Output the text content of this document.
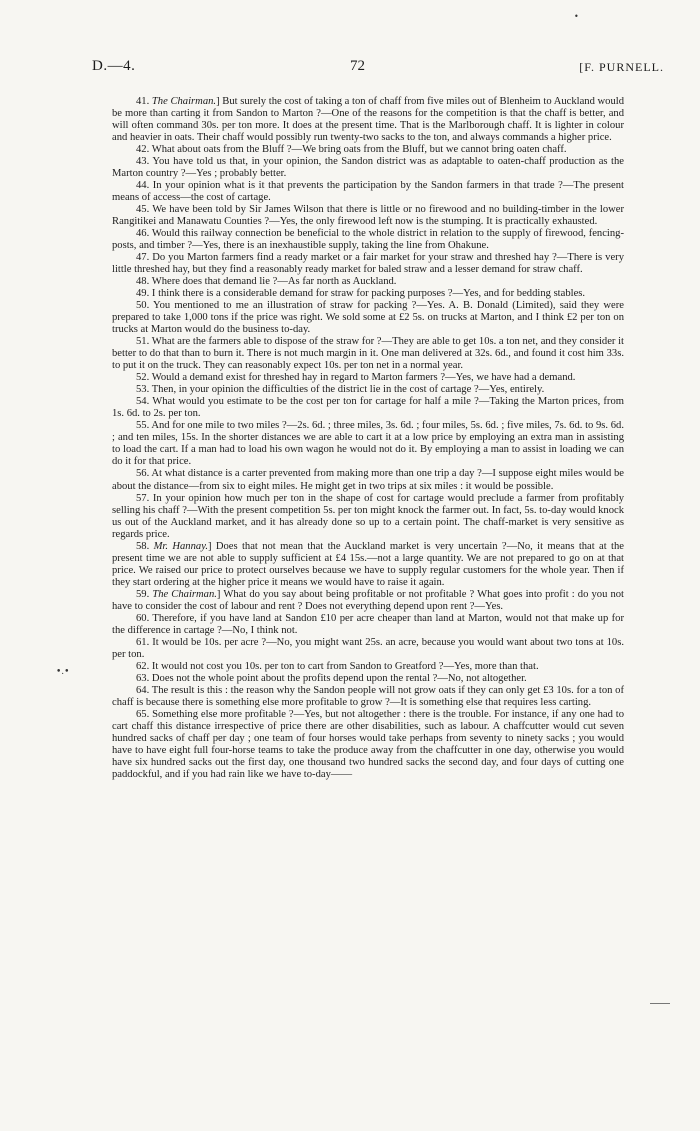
•
D.—4.	72	[F. PURNELL.
•.•

41. The Chairman.] But surely the cost of taking a ton of chaff from five miles out of Blenheim to Auckland would be more than carting it from Sandon to Marton ?—One of the reasons for the competition is that the chaff is better, and will often command 30s. per ton more. It does at the present time. That is the Marlborough chaff. It is lighter in colour and heavier in oats. Their chaff would possibly run twenty-two sacks to the ton, and always commands a higher price.

42. What about oats from the Bluff ?—We bring oats from the Bluff, but we cannot bring oaten chaff.

43. You have told us that, in your opinion, the Sandon district was as adaptable to oaten-chaff production as the Marton country ?—Yes ; probably better.

44. In your opinion what is it that prevents the participation by the Sandon farmers in that trade ?—The present means of access—the cost of cartage.

45. We have been told by Sir James Wilson that there is little or no firewood and no building-timber in the lower Rangitikei and Manawatu Counties ?—Yes, the only firewood left now is the stumping. It is practically exhausted.

46. Would this railway connection be beneficial to the whole district in relation to the supply of firewood, fencing-posts, and timber ?—Yes, there is an inexhaustible supply, taking the line from Ohakune.

47. Do you Marton farmers find a ready market or a fair market for your straw and threshed hay ?—There is very little threshed hay, but they find a reasonably ready market for baled straw and a lesser demand for straw chaff.

48. Where does that demand lie ?—As far north as Auckland.

49. I think there is a considerable demand for straw for packing purposes ?—Yes, and for bedding stables.

50. You mentioned to me an illustration of straw for packing ?—Yes. A. B. Donald (Limited), said they were prepared to take 1,000 tons if the price was right. We sold some at £2 5s. on trucks at Marton, and I think £2 per ton on trucks at Marton would do the business to-day.

51. What are the farmers able to dispose of the straw for ?—They are able to get 10s. a ton net, and they consider it better to do that than to burn it. There is not much margin in it. One man delivered at 32s. 6d., and found it cost him 33s. to put it on the truck. They can reasonably expect 10s. per ton net in a normal year.

52. Would a demand exist for threshed hay in regard to Marton farmers ?—Yes, we have had a demand.

53. Then, in your opinion the difficulties of the district lie in the cost of cartage ?—Yes, entirely.

54. What would you estimate to be the cost per ton for cartage for half a mile ?—Taking the Marton prices, from 1s. 6d. to 2s. per ton.

55. And for one mile to two miles ?—2s. 6d. ; three miles, 3s. 6d. ; four miles, 5s. 6d. ; five miles, 7s. 6d. to 9s. 6d. ; and ten miles, 15s. In the shorter distances we are able to cart it at a low price by employing an extra man in assisting to load the cart. If a man had to load his own wagon he would not do it. By employing a man to assist in loading we can do it for that price.

56. At what distance is a carter prevented from making more than one trip a day ?—I suppose eight miles would be about the distance—from six to eight miles. He might get in two trips at six miles : it would be possible.

57. In your opinion how much per ton in the shape of cost for cartage would preclude a farmer from profitably selling his chaff ?—With the present competition 5s. per ton might knock the farmer out. In fact, 5s. to-day would knock us out of the Auckland market, and it has already done so up to a certain point. The chaff-market is very sensitive as regards price.

58. Mr. Hannay.] Does that not mean that the Auckland market is very uncertain ?—No, it means that at the present time we are not able to supply sufficient at £4 15s.—not a large quantity. We are not prepared to go on at that price. We raised our price to protect ourselves because we have to supply regular customers for the whole year. Then if they start ordering at the higher price it means we would have to raise it again.

59. The Chairman.] What do you say about being profitable or not profitable ? What goes into profit : do you not have to consider the cost of labour and rent ? Does not everything depend upon rent ?—Yes.

60. Therefore, if you have land at Sandon £10 per acre cheaper than land at Marton, would not that make up for the difference in cartage ?—No, I think not.

61. It would be 10s. per acre ?—No, you might want 25s. an acre, because you would want about two tons at 10s. per ton.

62. It would not cost you 10s. per ton to cart from Sandon to Greatford ?—Yes, more than that.

63. Does not the whole point about the profits depend upon the rental ?—No, not altogether.

64. The result is this : the reason why the Sandon people will not grow oats if they can only get £3 10s. for a ton of chaff is because there is something else more profitable to grow ?—It is something else that requires less carting.

65. Something else more profitable ?—Yes, but not altogether : there is the trouble. For instance, if any one had to cart chaff this distance irrespective of price there are other disabilities, such as labour. A chaffcutter would cut seven hundred sacks of chaff per day ; one team of four horses would take perhaps from seventy to ninety sacks ; you would have to have eight full four-horse teams to take the produce away from the chaffcutter in one day, otherwise you would have six hundred sacks out the first day, one thousand two hundred sacks the second day, and four days of cutting one paddockful, and if you had rain like we have to-day——
